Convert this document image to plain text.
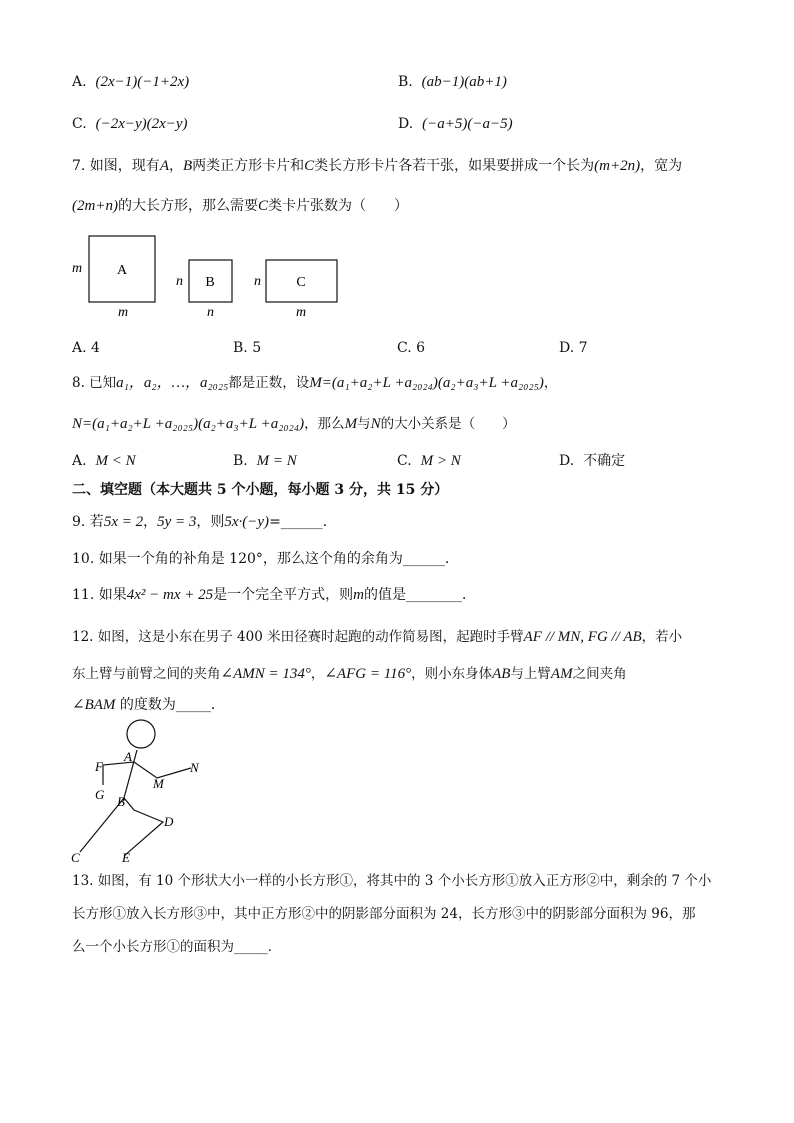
A. (2x−1)(−1+2x)	B. (ab−1)(ab+1)
C. (−2x−y)(2x−y)	D. (−a+5)(−a−5)
7. 如图，现有A，B两类正方形卡片和C类长方形卡片各若干张，如果要拼成一个长为(m+2n)，宽为
(2m+n)的大长方形，那么需要C类卡片张数为（　　）
A
m
m
B
n
n
C
n
m
A. 4	B. 5	C. 6	D. 7
8. 已知a₁，a₂，…，a₂₀₂₅都是正数，设M=(a₁+a₂+L +a₂₀₂₄)(a₂+a₃+L +a₂₀₂₅)，
N=(a₁+a₂+L +a₂₀₂₅)(a₂+a₃+L +a₂₀₂₄)，那么M与N的大小关系是（　　）
A. M < N	B. M = N	C. M > N	D. 不确定
二、填空题（本大题共 5 个小题，每小题 3 分，共 15 分）
9. 若5x = 2，5y = 3，则5x·(−y)=______．
10. 如果一个角的补角是 120°，那么这个角的余角为______．
11. 如果4x² − mx + 25是一个完全平方式，则m的值是________．
12. 如图，这是小东在男子 400 米田径赛时起跑的动作简易图，起跑时手臂AF // MN, FG // AB，若小
东上臂与前臂之间的夹角∠AMN = 134°，∠AFG = 116°，则小东身体AB与上臂AM之间夹角
∠BAM 的度数为_____．
A
F
G
M
N
B
D
C	E
13. 如图，有 10 个形状大小一样的小长方形①，将其中的 3 个小长方形①放入正方形②中，剩余的 7 个小
长方形①放入长方形③中，其中正方形②中的阴影部分面积为 24，长方形③中的阴影部分面积为 96，那
么一个小长方形①的面积为_____．
